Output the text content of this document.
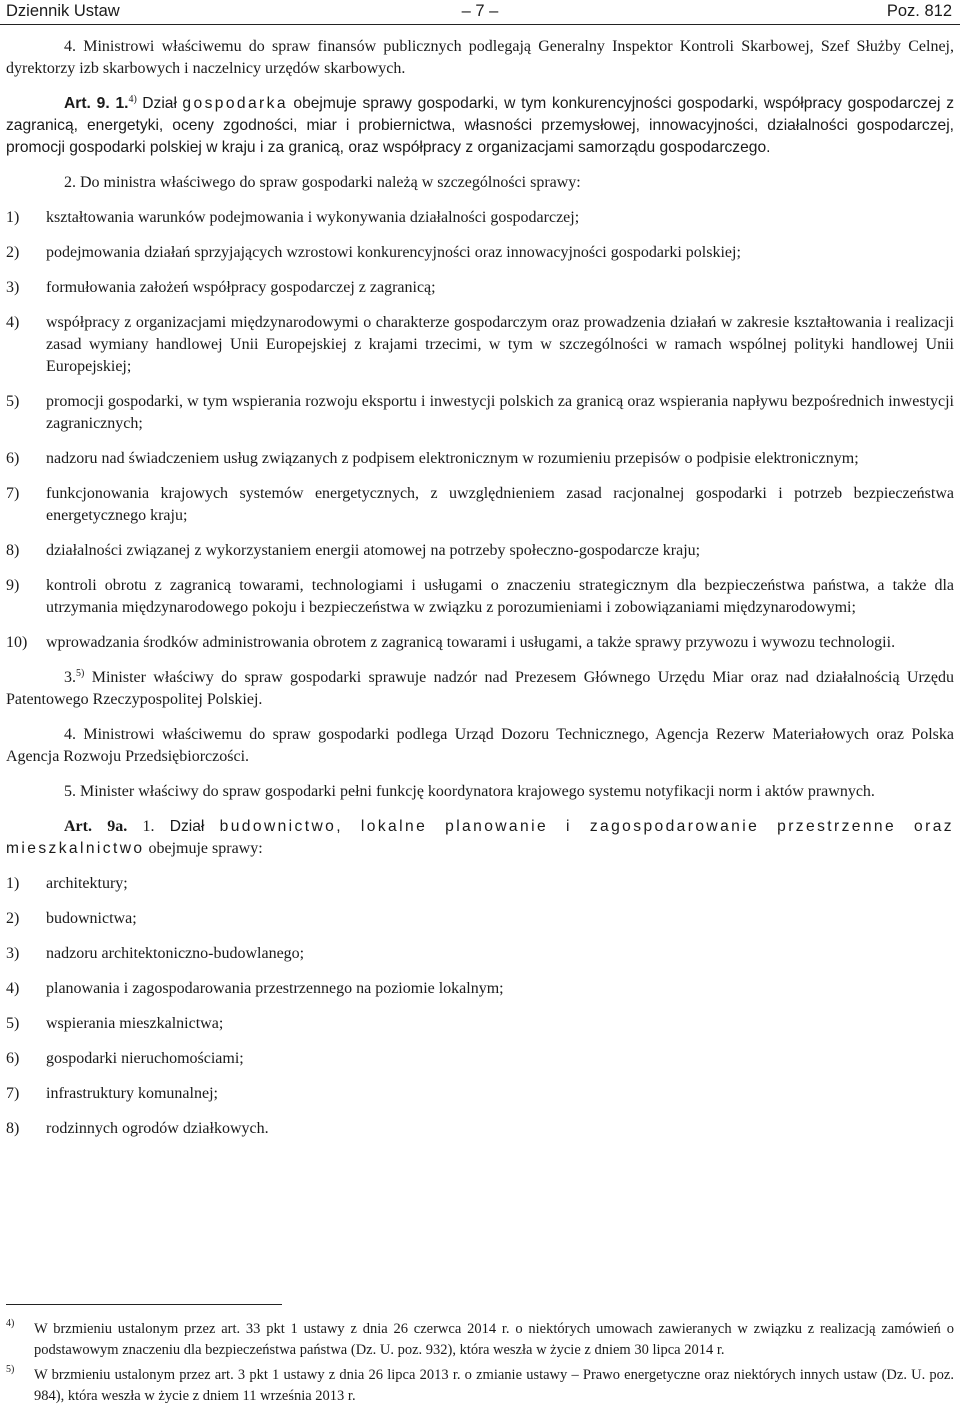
Dziennik Ustaw	– 7 –	Poz. 812

4. Ministrowi właściwemu do spraw finansów publicznych podlegają Generalny Inspektor Kontroli Skarbowej, Szef Służby Celnej, dyrektorzy izb skarbowych i naczelnicy urzędów skarbowych.

Art. 9. 1.$^{4)}$ Dział gospodarka obejmuje sprawy gospodarki, w tym konkurencyjności gospodarki, współpracy gospodarczej z zagranicą, energetyki, oceny zgodności, miar i probiernictwa, własności przemysłowej, innowacyjności, działalności gospodarczej, promocji gospodarki polskiej w kraju i za granicą, oraz współpracy z organizacjami samorządu gospodarczego.

2. Do ministra właściwego do spraw gospodarki należą w szczególności sprawy:

1) kształtowania warunków podejmowania i wykonywania działalności gospodarczej;
2) podejmowania działań sprzyjających wzrostowi konkurencyjności oraz innowacyjności gospodarki polskiej;
3) formułowania założeń współpracy gospodarczej z zagranicą;
4) współpracy z organizacjami międzynarodowymi o charakterze gospodarczym oraz prowadzenia działań w zakresie kształtowania i realizacji zasad wymiany handlowej Unii Europejskiej z krajami trzecimi, w tym w szczególności w ramach wspólnej polityki handlowej Unii Europejskiej;
5) promocji gospodarki, w tym wspierania rozwoju eksportu i inwestycji polskich za granicą oraz wspierania napływu bezpośrednich inwestycji zagranicznych;
6) nadzoru nad świadczeniem usług związanych z podpisem elektronicznym w rozumieniu przepisów o podpisie elektronicznym;
7) funkcjonowania krajowych systemów energetycznych, z uwzględnieniem zasad racjonalnej gospodarki i potrzeb bezpieczeństwa energetycznego kraju;
8) działalności związanej z wykorzystaniem energii atomowej na potrzeby społeczno-gospodarcze kraju;
9) kontroli obrotu z zagranicą towarami, technologiami i usługami o znaczeniu strategicznym dla bezpieczeństwa państwa, a także dla utrzymania międzynarodowego pokoju i bezpieczeństwa w związku z porozumieniami i zobowiązaniami międzynarodowymi;
10) wprowadzania środków administrowania obrotem z zagranicą towarami i usługami, a także sprawy przywozu i wywozu technologii.

3.$^{5)}$ Minister właściwy do spraw gospodarki sprawuje nadzór nad Prezesem Głównego Urzędu Miar oraz nad działalnością Urzędu Patentowego Rzeczypospolitej Polskiej.

4. Ministrowi właściwemu do spraw gospodarki podlega Urząd Dozoru Technicznego, Agencja Rezerw Materiałowych oraz Polska Agencja Rozwoju Przedsiębiorczości.

5. Minister właściwy do spraw gospodarki pełni funkcję koordynatora krajowego systemu notyfikacji norm i aktów prawnych.

Art. 9a. 1. Dział budownictwo, lokalne planowanie i zagospodarowanie przestrzenne oraz mieszkalnictwo obejmuje sprawy:

1) architektury;
2) budownictwa;
3) nadzoru architektoniczno-budowlanego;
4) planowania i zagospodarowania przestrzennego na poziomie lokalnym;
5) wspierania mieszkalnictwa;
6) gospodarki nieruchomościami;
7) infrastruktury komunalnej;
8) rodzinnych ogrodów działkowych.
4) W brzmieniu ustalonym przez art. 33 pkt 1 ustawy z dnia 26 czerwca 2014 r. o niektórych umowach zawieranych w związku z realizacją zamówień o podstawowym znaczeniu dla bezpieczeństwa państwa (Dz. U. poz. 932), która weszła w życie z dniem 30 lipca 2014 r.
5) W brzmieniu ustalonym przez art. 3 pkt 1 ustawy z dnia 26 lipca 2013 r. o zmianie ustawy – Prawo energetyczne oraz niektórych innych ustaw (Dz. U. poz. 984), która weszła w życie z dniem 11 września 2013 r.
